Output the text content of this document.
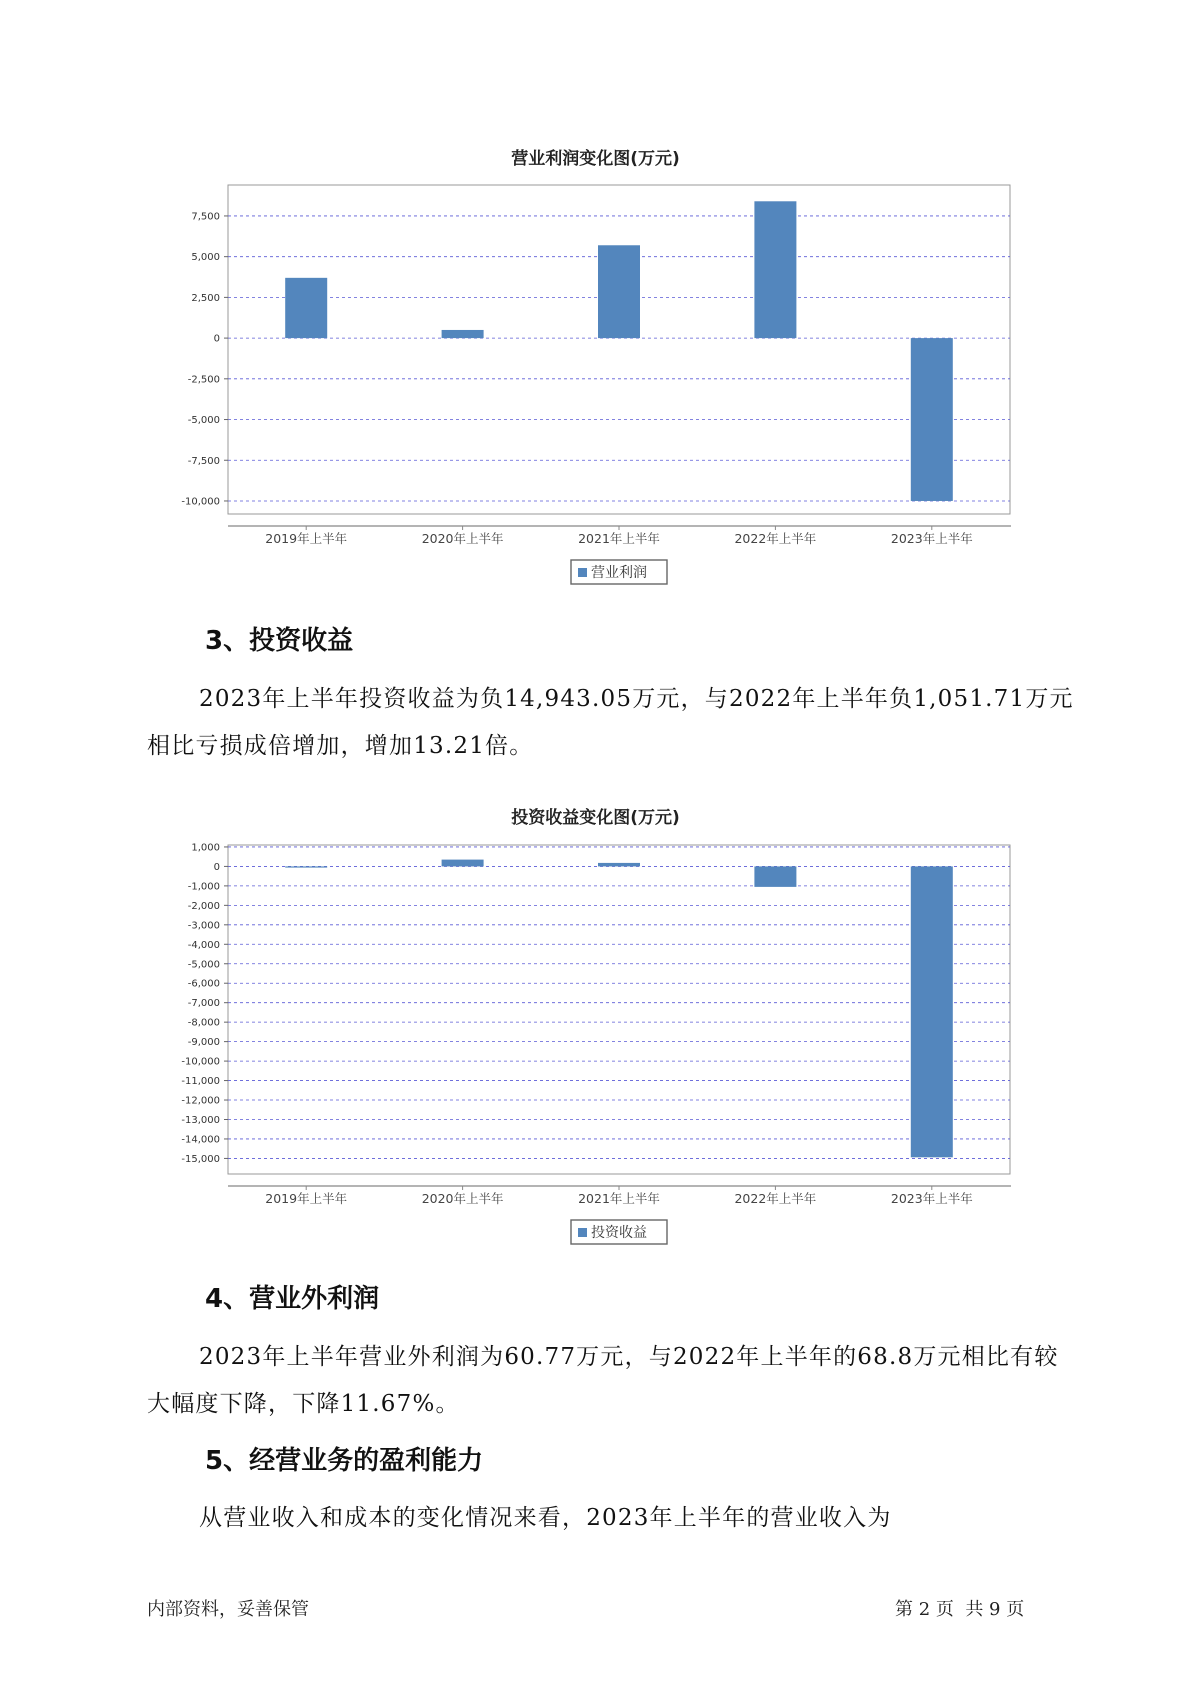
营业利润变化图(万元)
7,500
5,000
2,500
0
-2,500
-5,000
-7,500
-10,000
2019年上半年	2020年上半年	2021年上半年	2022年上半年	2023年上半年
营业利润
3、投资收益

2023年上半年投资收益为负14,943.05万元，与2022年上半年负1,051.71万元相比亏损成倍增加，增加13.21倍。

投资收益变化图(万元)
1,000
0
-1,000
-2,000
-3,000
-4,000
-5,000
-6,000
-7,000
-8,000
-9,000
-10,000
-11,000
-12,000
-13,000
-14,000
-15,000
2019年上半年	2020年上半年	2021年上半年	2022年上半年	2023年上半年
投资收益
4、营业外利润

2023年上半年营业外利润为60.77万元，与2022年上半年的68.8万元相比有较大幅度下降，下降11.67%。

5、经营业务的盈利能力

从营业收入和成本的变化情况来看，2023年上半年的营业收入为

内部资料，妥善保管	第 2 页  共 9 页
